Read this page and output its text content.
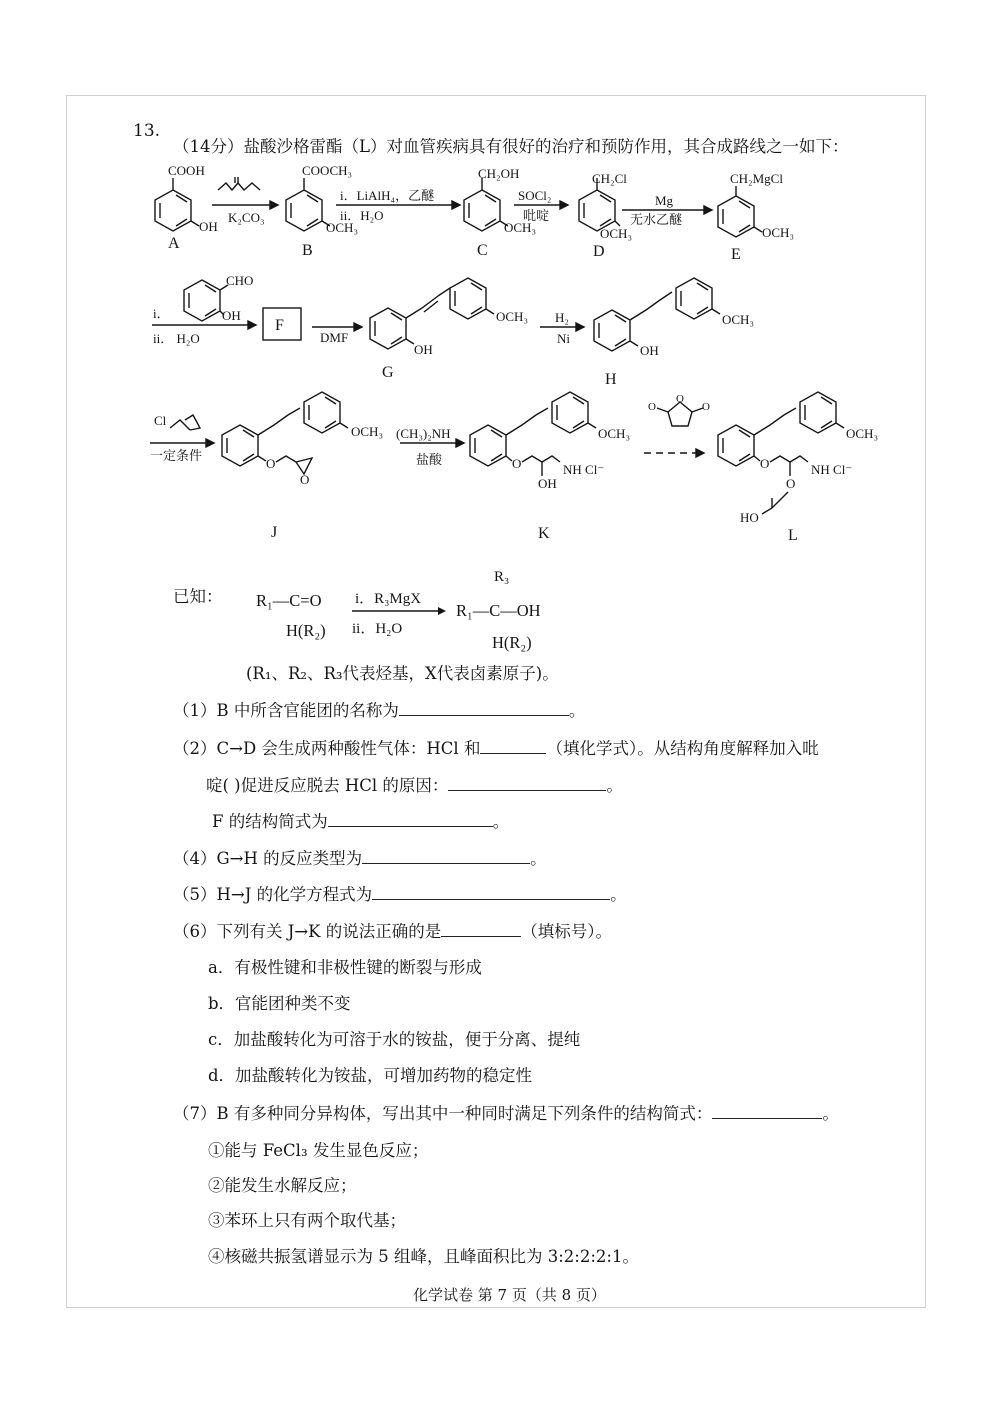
13.
（14分）盐酸沙格雷酯（L）对血管疾病具有很好的治疗和预防作用，其合成路线之一如下：
COOH
OH
A
K₂CO₃
COOCH₃
OCH₃
B
i．LiAlH₄，乙醚
ii．H₂O
CH₂OH
OCH₃
C
SOCl₂
吡啶
CH₂Cl
OCH₃
D
Mg
无水乙醚
CH₂MgCl
OCH₃
E
CHO
OH
i．
ii． H₂O
F
DMF
OCH₃
OH
G
H₂
Ni
OCH₃
OH
H
Cl
一定条件
OCH₃
O
O
J
(CH₃)₂NH
盐酸
OCH₃
O
OH
NH Cl⁻
K
O
O	O
OCH₃
O
O
NH Cl⁻
HO
L
已知： R₁—C=O
H(R₂)
i．R₃MgX
ii．H₂O
R₃
R₁—C—OH
H(R₂)
(R₁、R₂、R₃代表烃基，X代表卤素原子)。
（1）B 中所含官能团的名称为	。
（2）C→D 会生成两种酸性气体：HCl 和	（填化学式）。从结构角度解释加入吡
啶( )促进反应脱去 HCl 的原因：	。
F 的结构简式为	。
（4）G→H 的反应类型为	。
（5）H→J 的化学方程式为	。
（6）下列有关 J→K 的说法正确的是	（填标号）。
a．有极性键和非极性键的断裂与形成
b．官能团种类不变
c．加盐酸转化为可溶于水的铵盐，便于分离、提纯
d．加盐酸转化为铵盐，可增加药物的稳定性
（7）B 有多种同分异构体，写出其中一种同时满足下列条件的结构简式：	。
①能与 FeCl₃ 发生显色反应；
②能发生水解反应；
③苯环上只有两个取代基；
④核磁共振氢谱显示为 5 组峰，且峰面积比为 3:2:2:2:1。
化学试卷 第 7 页（共 8 页）
